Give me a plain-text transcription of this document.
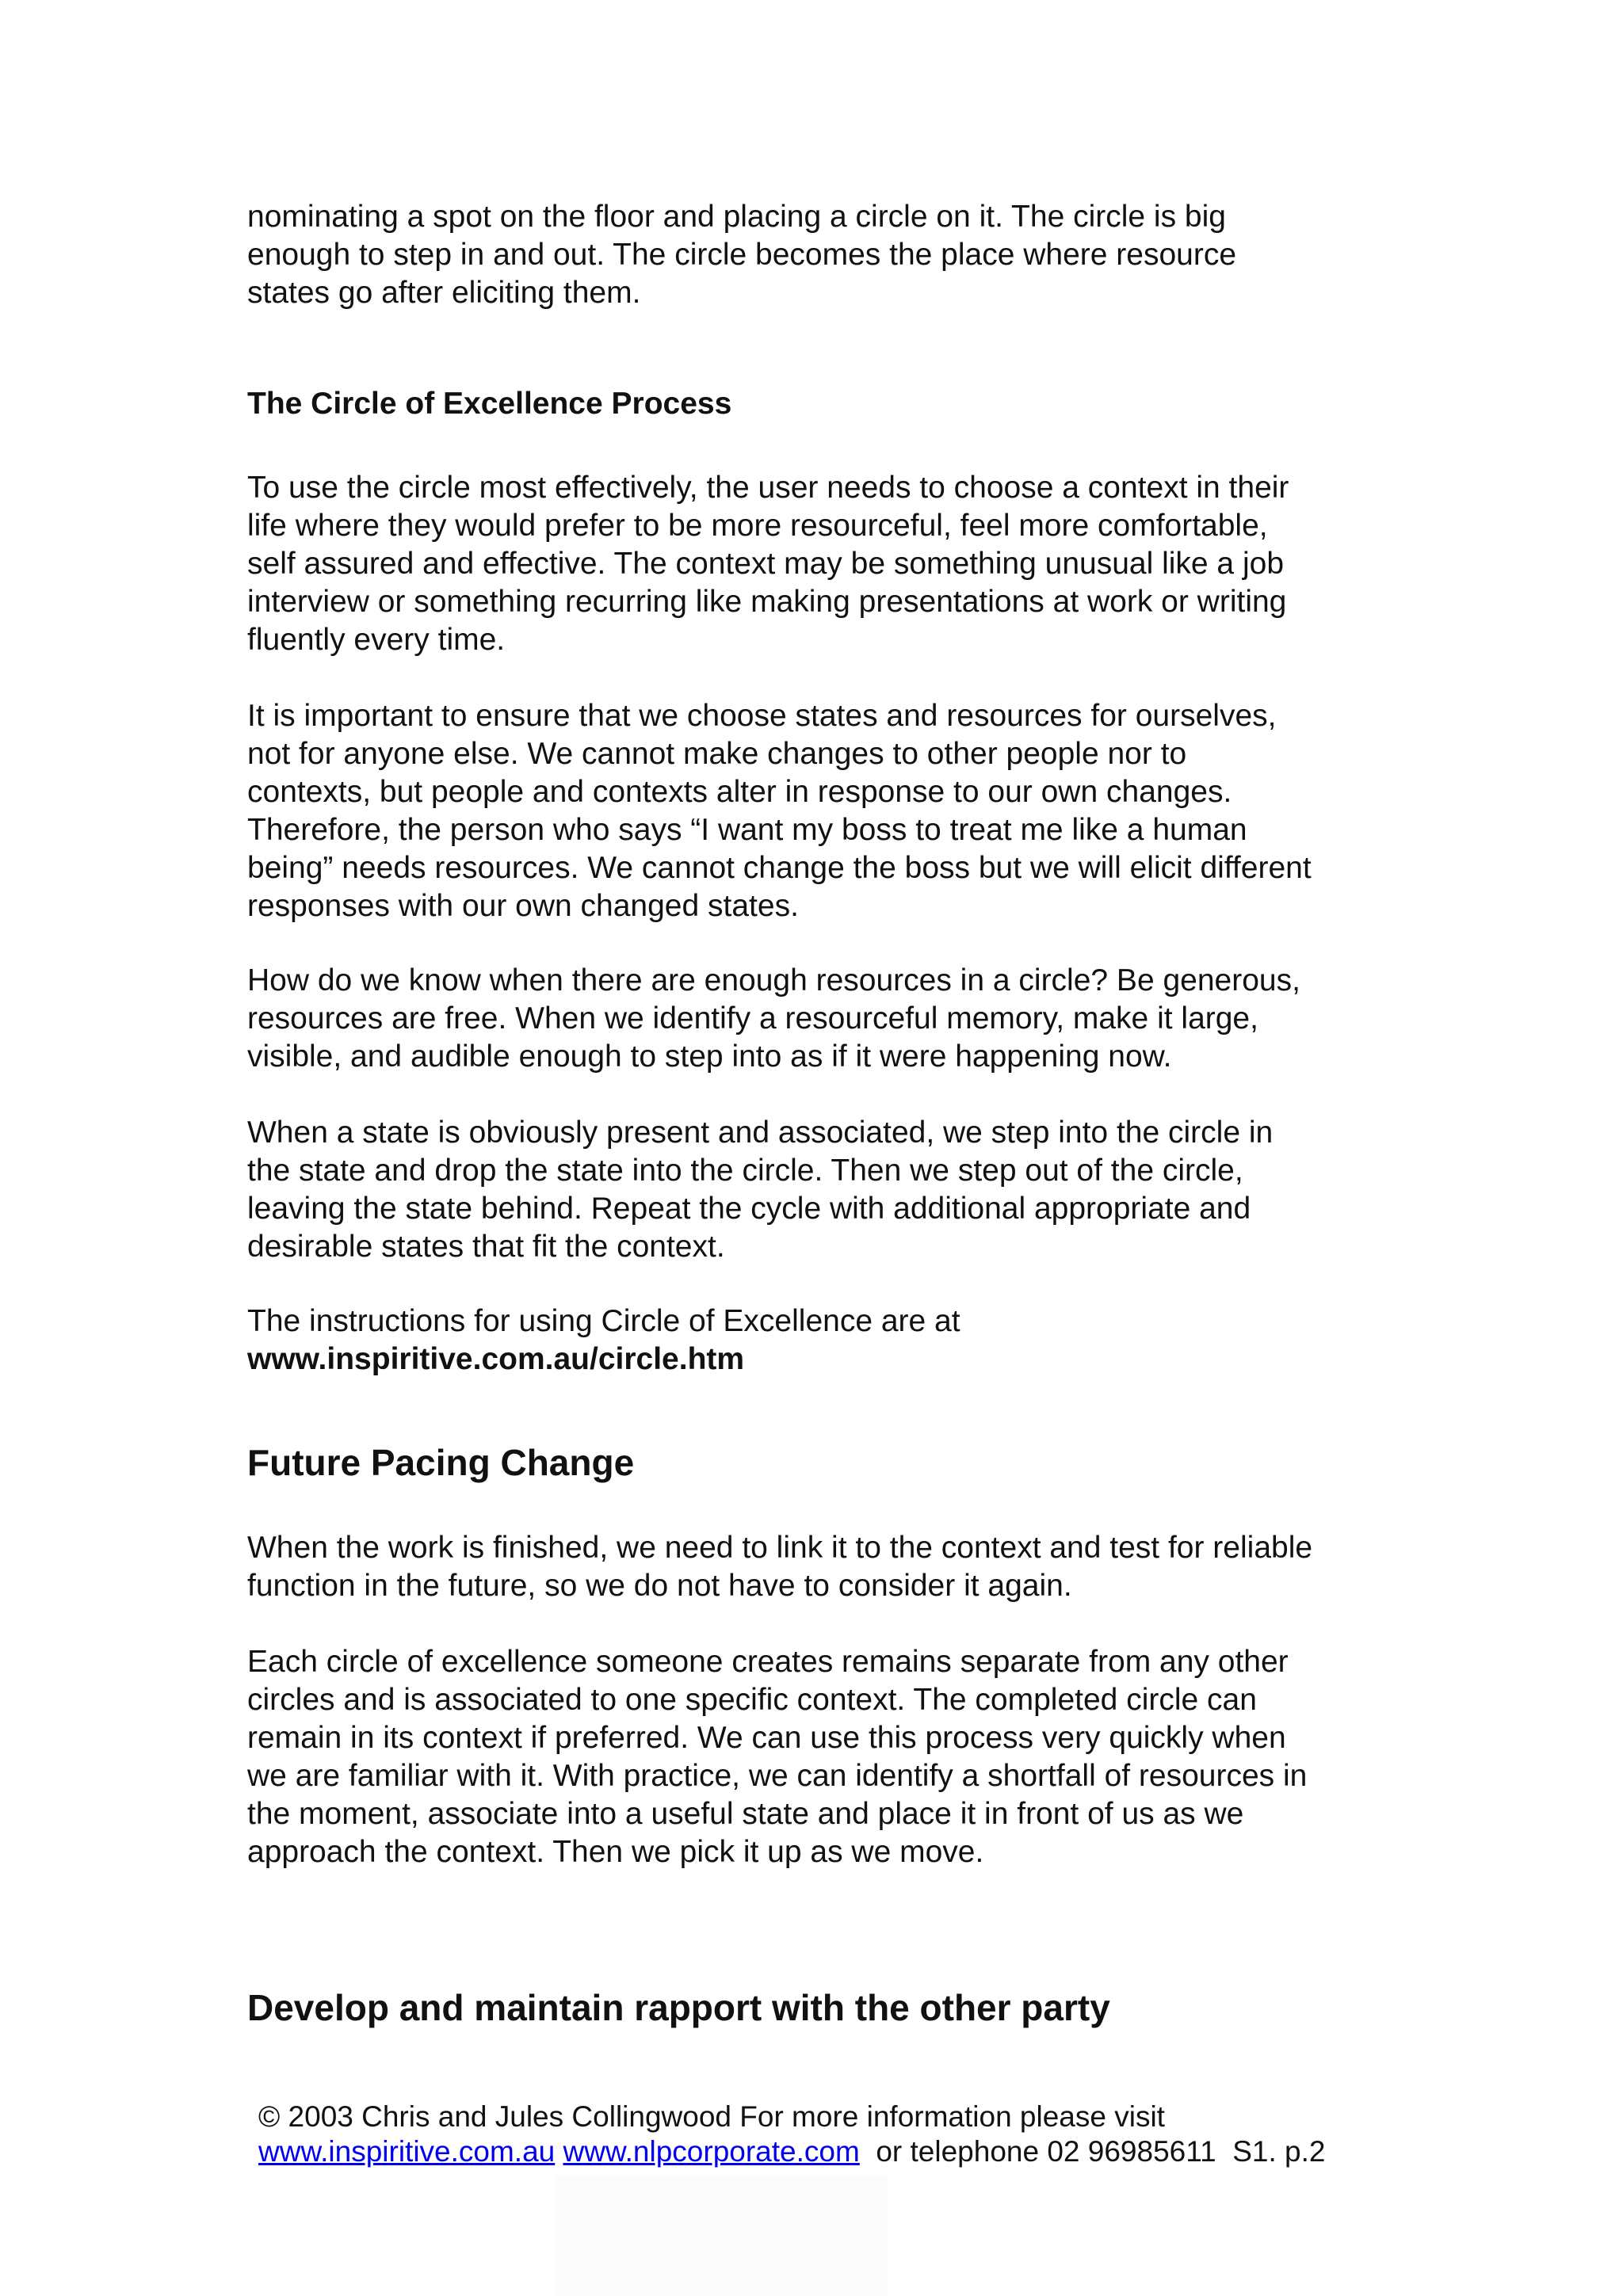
nominating a spot on the floor and placing a circle on it. The circle is big
enough to step in and out. The circle becomes the place where resource
states go after eliciting them.

The Circle of Excellence Process

To use the circle most effectively, the user needs to choose a context in their
life where they would prefer to be more resourceful, feel more comfortable,
self assured and effective. The context may be something unusual like a job
interview or something recurring like making presentations at work or writing
fluently every time.

It is important to ensure that we choose states and resources for ourselves,
not for anyone else. We cannot make changes to other people nor to
contexts, but people and contexts alter in response to our own changes.
Therefore, the person who says “I want my boss to treat me like a human
being” needs resources. We cannot change the boss but we will elicit different
responses with our own changed states.

How do we know when there are enough resources in a circle? Be generous,
resources are free. When we identify a resourceful memory, make it large,
visible, and audible enough to step into as if it were happening now.

When a state is obviously present and associated, we step into the circle in
the state and drop the state into the circle. Then we step out of the circle,
leaving the state behind. Repeat the cycle with additional appropriate and
desirable states that fit the context.

The instructions for using Circle of Excellence are at
www.inspiritive.com.au/circle.htm

Future Pacing Change

When the work is finished, we need to link it to the context and test for reliable
function in the future, so we do not have to consider it again.

Each circle of excellence someone creates remains separate from any other
circles and is associated to one specific context. The completed circle can
remain in its context if preferred. We can use this process very quickly when
we are familiar with it. With practice, we can identify a shortfall of resources in
the moment, associate into a useful state and place it in front of us as we
approach the context. Then we pick it up as we move.

Develop and maintain rapport with the other party
© 2003 Chris and Jules Collingwood For more information please visit
www.inspiritive.com.au www.nlpcorporate.com  or telephone 02 96985611  S1. p.2
